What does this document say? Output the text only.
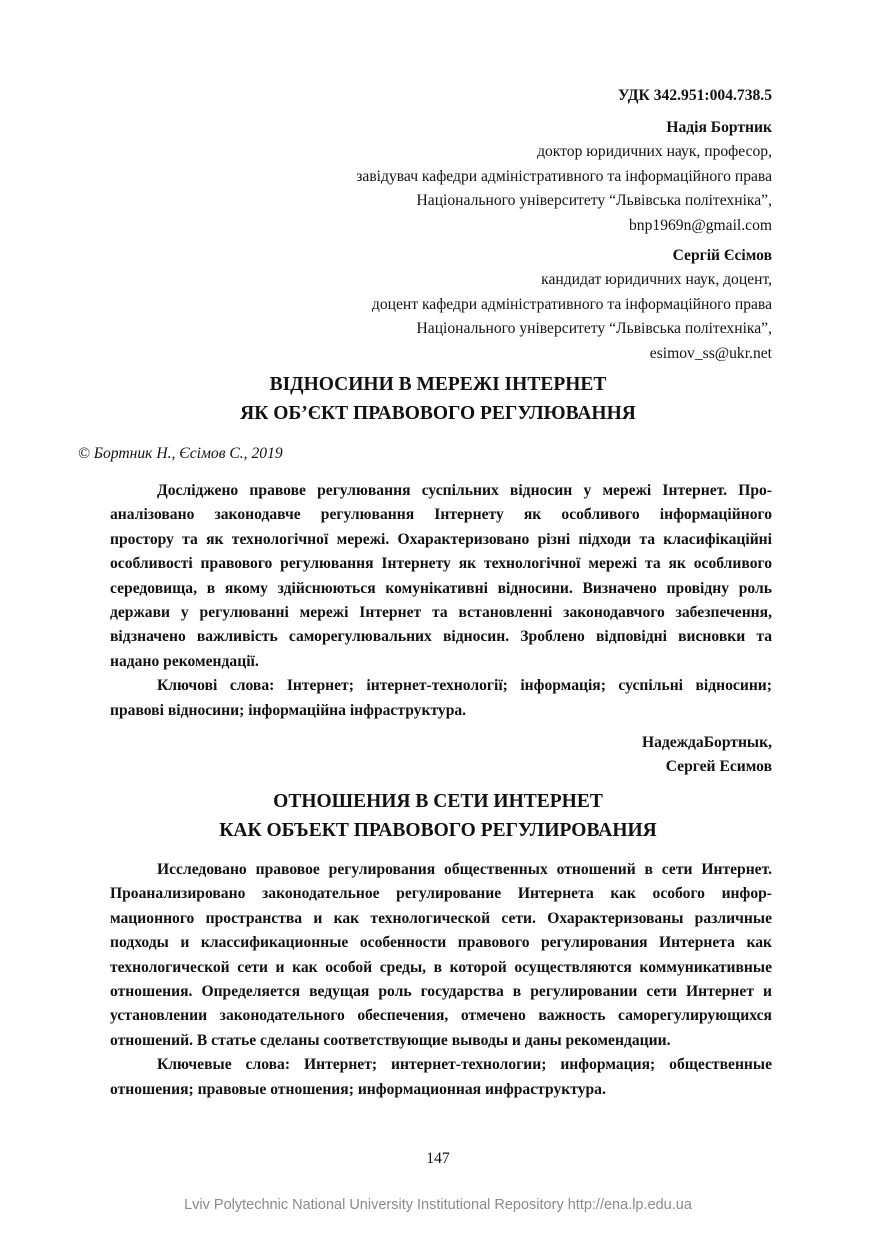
УДК 342.951:004.738.5
Надія Бортник
доктор юридичних наук, професор,
завідувач кафедри адміністративного та інформаційного права
Національного університету “Львівська політехніка”,
bnp1969n@gmail.com
Сергій Єсімов
кандидат юридичних наук, доцент,
доцент кафедри адміністративного та інформаційного права
Національного університету “Львівська політехніка”,
esimov_ss@ukr.net
ВІДНОСИНИ В МЕРЕЖІ ІНТЕРНЕТ
ЯК ОБ’ЄКТ ПРАВОВОГО РЕГУЛЮВАННЯ
© Бортник Н., Єсімов С., 2019
Досліджено правове регулювання суспільних відносин у мережі Інтернет. Про-
аналізовано законодавче регулювання Інтернету як особливого інформаційного
простору та як технологічної мережі. Охарактеризовано різні підходи та класифікаційні
особливості правового регулювання Інтернету як технологічної мережі та як особливого
середовища, в якому здійснюються комунікативні відносини. Визначено провідну роль
держави у регулюванні мережі Інтернет та встановленні законодавчого забезпечення,
відзначено важливість саморегулювальних відносин. Зроблено відповідні висновки та
надано рекомендації.
Ключові слова: Інтернет; інтернет-технології; інформація; суспільні відносини;
правові відносини; інформаційна інфраструктура.
НадеждаБортнык,
Сергей Есимов
ОТНОШЕНИЯ В СЕТИ ИНТЕРНЕТ
КАК ОБЪЕКТ ПРАВОВОГО РЕГУЛИРОВАНИЯ
Исследовано правовое регулирования общественных отношений в сети Интернет.
Проанализировано законодательное регулирование Интернета как особого инфор-
мационного пространства и как технологической сети. Охарактеризованы различные
подходы и классификационные особенности правового регулирования Интернета как
технологической сети и как особой среды, в которой осуществляются коммуникативные
отношения. Определяется ведущая роль государства в регулировании сети Интернет и
установлении законодательного обеспечения, отмечено важность саморегулирующихся
отношений. В статье сделаны соответствующие выводы и даны рекомендации.
Ключевые слова: Интернет; интернет-технологии; информация; общественные
отношения; правовые отношения; информационная инфраструктура.
147
Lviv Polytechnic National University Institutional Repository http://ena.lp.edu.ua
